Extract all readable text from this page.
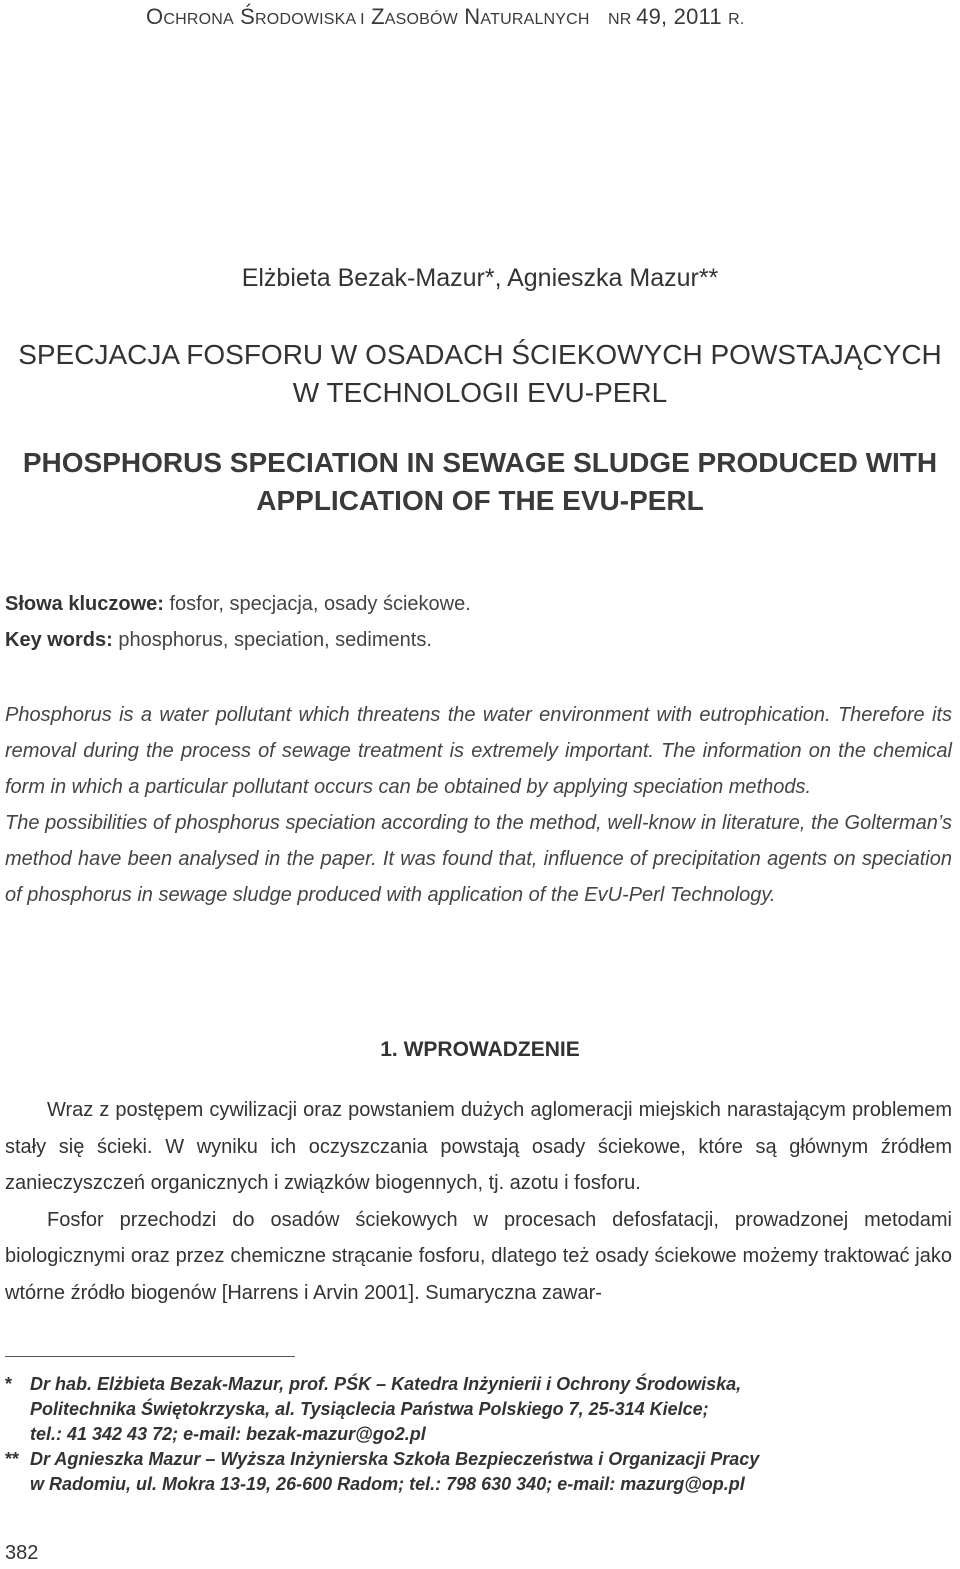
OCHRONA ŚRODOWISKA I ZASOBÓW NATURALNYCH NR 49, 2011 R.
Elżbieta Bezak-Mazur*, Agnieszka Mazur**
SPECJACJA FOSFORU W OSADACH ŚCIEKOWYCH POWSTAJĄCYCH
W TECHNOLOGII EVU-PERL
PHOSPHORUS SPECIATION IN SEWAGE SLUDGE PRODUCED WITH
APPLICATION OF THE EVU-PERL
Słowa kluczowe: fosfor, specjacja, osady ściekowe.
Key words: phosphorus, speciation, sediments.

Phosphorus is a water pollutant which threatens the water environment with eutrophication. Therefore its removal during the process of sewage treatment is extremely important. The information on the chemical form in which a particular pollutant occurs can be obtained by applying speciation methods.

The possibilities of phosphorus speciation according to the method, well-know in literature, the Golterman’s method have been analysed in the paper. It was found that, influence of precipitation agents on speciation of phosphorus in sewage sludge produced with application of the EvU-Perl Technology.

1. WPROWADZENIE

Wraz z postępem cywilizacji oraz powstaniem dużych aglomeracji miejskich narastającym problemem stały się ścieki. W wyniku ich oczyszczania powstają osady ściekowe, które są głównym źródłem zanieczyszczeń organicznych i związków biogennych, tj. azotu i fosforu.

Fosfor przechodzi do osadów ściekowych w procesach defosfatacji, prowadzonej metodami biologicznymi oraz przez chemiczne strącanie fosforu, dlatego też osady ściekowe możemy traktować jako wtórne źródło biogenów [Harrens i Arvin 2001]. Sumaryczna zawar-

* Dr hab. Elżbieta Bezak-Mazur, prof. PŚK – Katedra Inżynierii i Ochrony Środowiska,
Politechnika Świętokrzyska, al. Tysiąclecia Państwa Polskiego 7, 25-314 Kielce;
tel.: 41 342 43 72; e-mail: bezak-mazur@go2.pl
** Dr Agnieszka Mazur – Wyższa Inżynierska Szkoła Bezpieczeństwa i Organizacji Pracy
w Radomiu, ul. Mokra 13-19, 26-600 Radom; tel.: 798 630 340; e-mail: mazurg@op.pl
382
